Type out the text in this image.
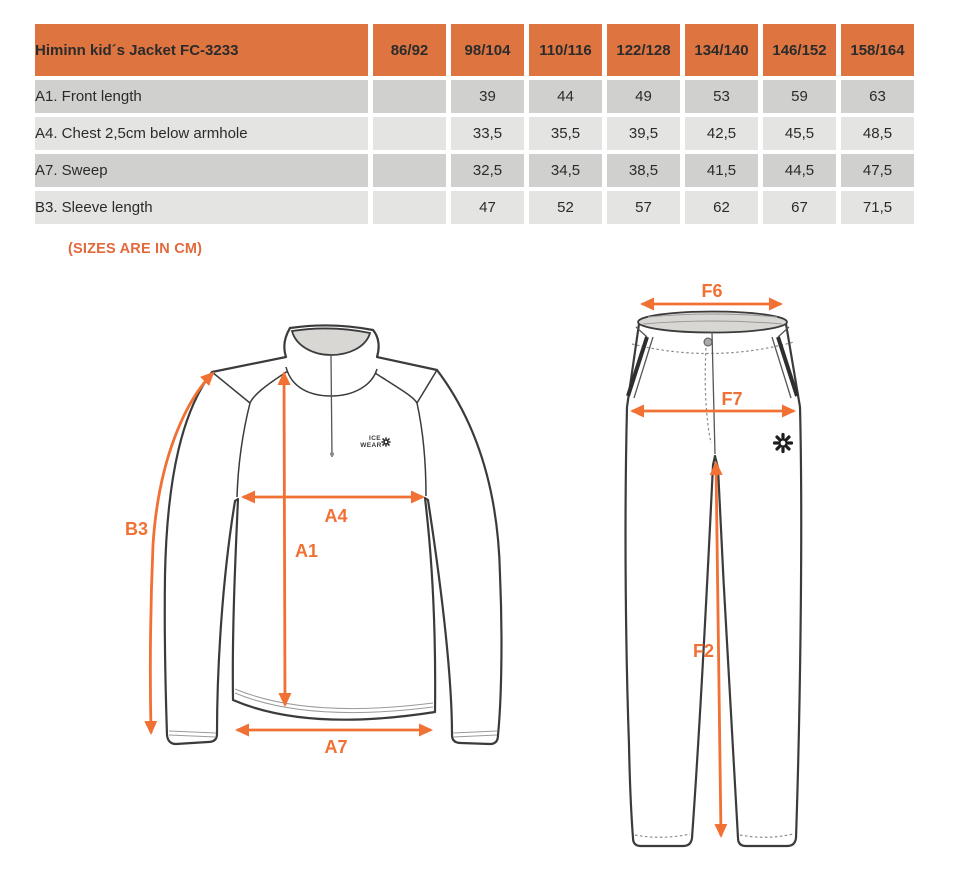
Himinn kid´s Jacket FC-3233	86/92	98/104	110/116	122/128	134/140	146/152	158/164
A1. Front length		39	44	49	53	59	63
A4. Chest 2,5cm below armhole		33,5	35,5	39,5	42,5	45,5	48,5
A7. Sweep		32,5	34,5	38,5	41,5	44,5	47,5
B3. Sleeve length		47	52	57	62	67	71,5
(SIZES ARE IN CM)
ICE
WEAR
B3
A1
A4
A7
F6
F7
F2
